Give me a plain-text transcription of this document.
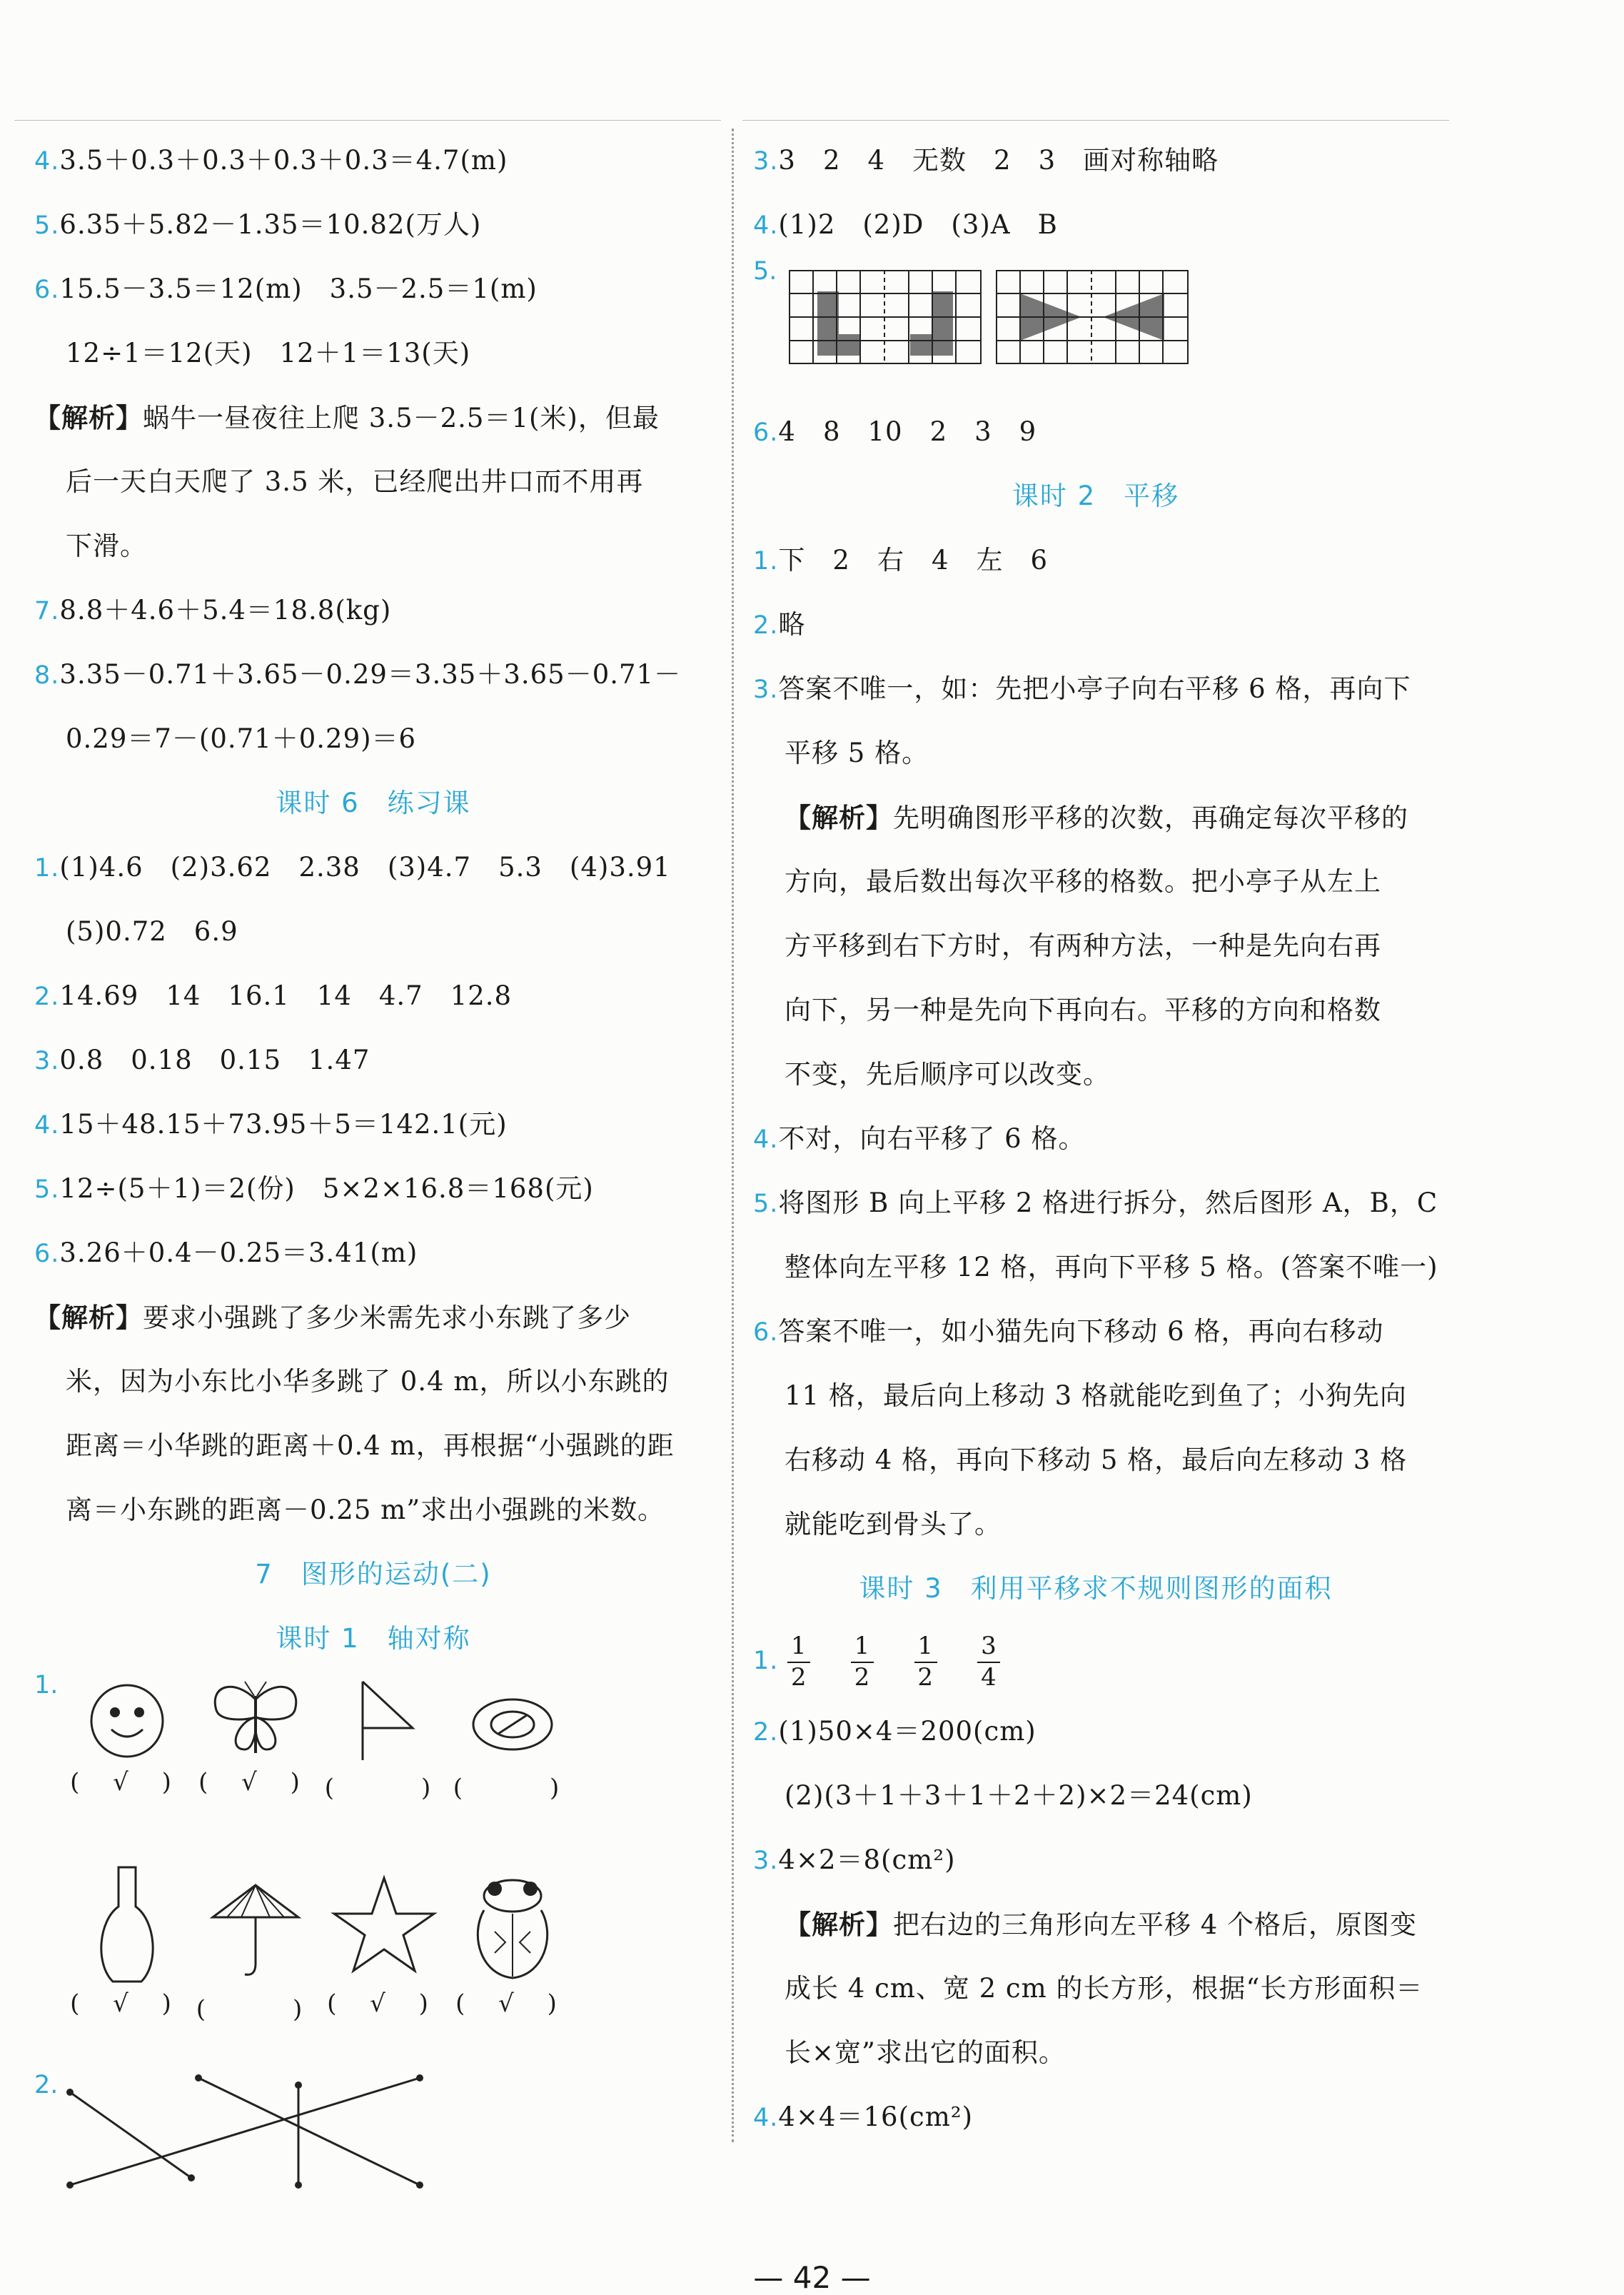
4.3.5＋0.3＋0.3＋0.3＋0.3＝4.7(m)
5.6.35＋5.82－1.35＝10.82(万人)
6.15.5－3.5＝12(m)　3.5－2.5＝1(m)
12÷1＝12(天)　12＋1＝13(天)
【解析】蜗牛一昼夜往上爬 3.5－2.5＝1(米)，但最
后一天白天爬了 3.5 米，已经爬出井口而不用再
下滑。
7.8.8＋4.6＋5.4＝18.8(kg)
8.3.35－0.71＋3.65－0.29＝3.35＋3.65－0.71－
0.29＝7－(0.71＋0.29)＝6
课时 6　练习课
1.(1)4.6　(2)3.62　2.38　(3)4.7　5.3　(4)3.91
(5)0.72　6.9
2.14.69　14　16.1　14　4.7　12.8
3.0.8　0.18　0.15　1.47
4.15＋48.15＋73.95＋5＝142.1(元)
5.12÷(5＋1)＝2(份)　5×2×16.8＝168(元)
6.3.26＋0.4－0.25＝3.41(m)
【解析】要求小强跳了多少米需先求小东跳了多少
米，因为小东比小华多跳了 0.4 m，所以小东跳的
距离＝小华跳的距离＋0.4 m，再根据“小强跳的距
离＝小东跳的距离－0.25 m”求出小强跳的米数。
7　图形的运动(二)
课时 1　轴对称
1.
( √ ) ( √ ) (　　) (　　)
( √ ) (　　) ( √ ) ( √ )
2.
3.3　2　4　无数　2　3　画对称轴略
4.(1)2　(2)D　(3)A　B
5.
6.4　8　10　2　3　9
课时 2　平移
1.下　2　右　4　左　6
2.略
3.答案不唯一，如：先把小亭子向右平移 6 格，再向下
平移 5 格。
【解析】先明确图形平移的次数，再确定每次平移的
方向，最后数出每次平移的格数。把小亭子从左上
方平移到右下方时，有两种方法，一种是先向右再
向下，另一种是先向下再向右。平移的方向和格数
不变，先后顺序可以改变。
4.不对，向右平移了 6 格。
5.将图形 B 向上平移 2 格进行拆分，然后图形 A，B，C
整体向左平移 12 格，再向下平移 5 格。(答案不唯一)
6.答案不唯一，如小猫先向下移动 6 格，再向右移动
11 格，最后向上移动 3 格就能吃到鱼了；小狗先向
右移动 4 格，再向下移动 5 格，最后向左移动 3 格
就能吃到骨头了。
课时 3　利用平移求不规则图形的面积
1. $\frac{1}{2}$
$\frac{1}{2}$
$\frac{1}{2}$
$\frac{3}{4}$
2.(1)50×4＝200(cm)
(2)(3＋1＋3＋1＋2＋2)×2＝24(cm)
3.4×2＝8(cm²)
【解析】把右边的三角形向左平移 4 个格后，原图变
成长 4 cm、宽 2 cm 的长方形，根据“长方形面积＝
长×宽”求出它的面积。
4.4×4＝16(cm²)
— 42 —
